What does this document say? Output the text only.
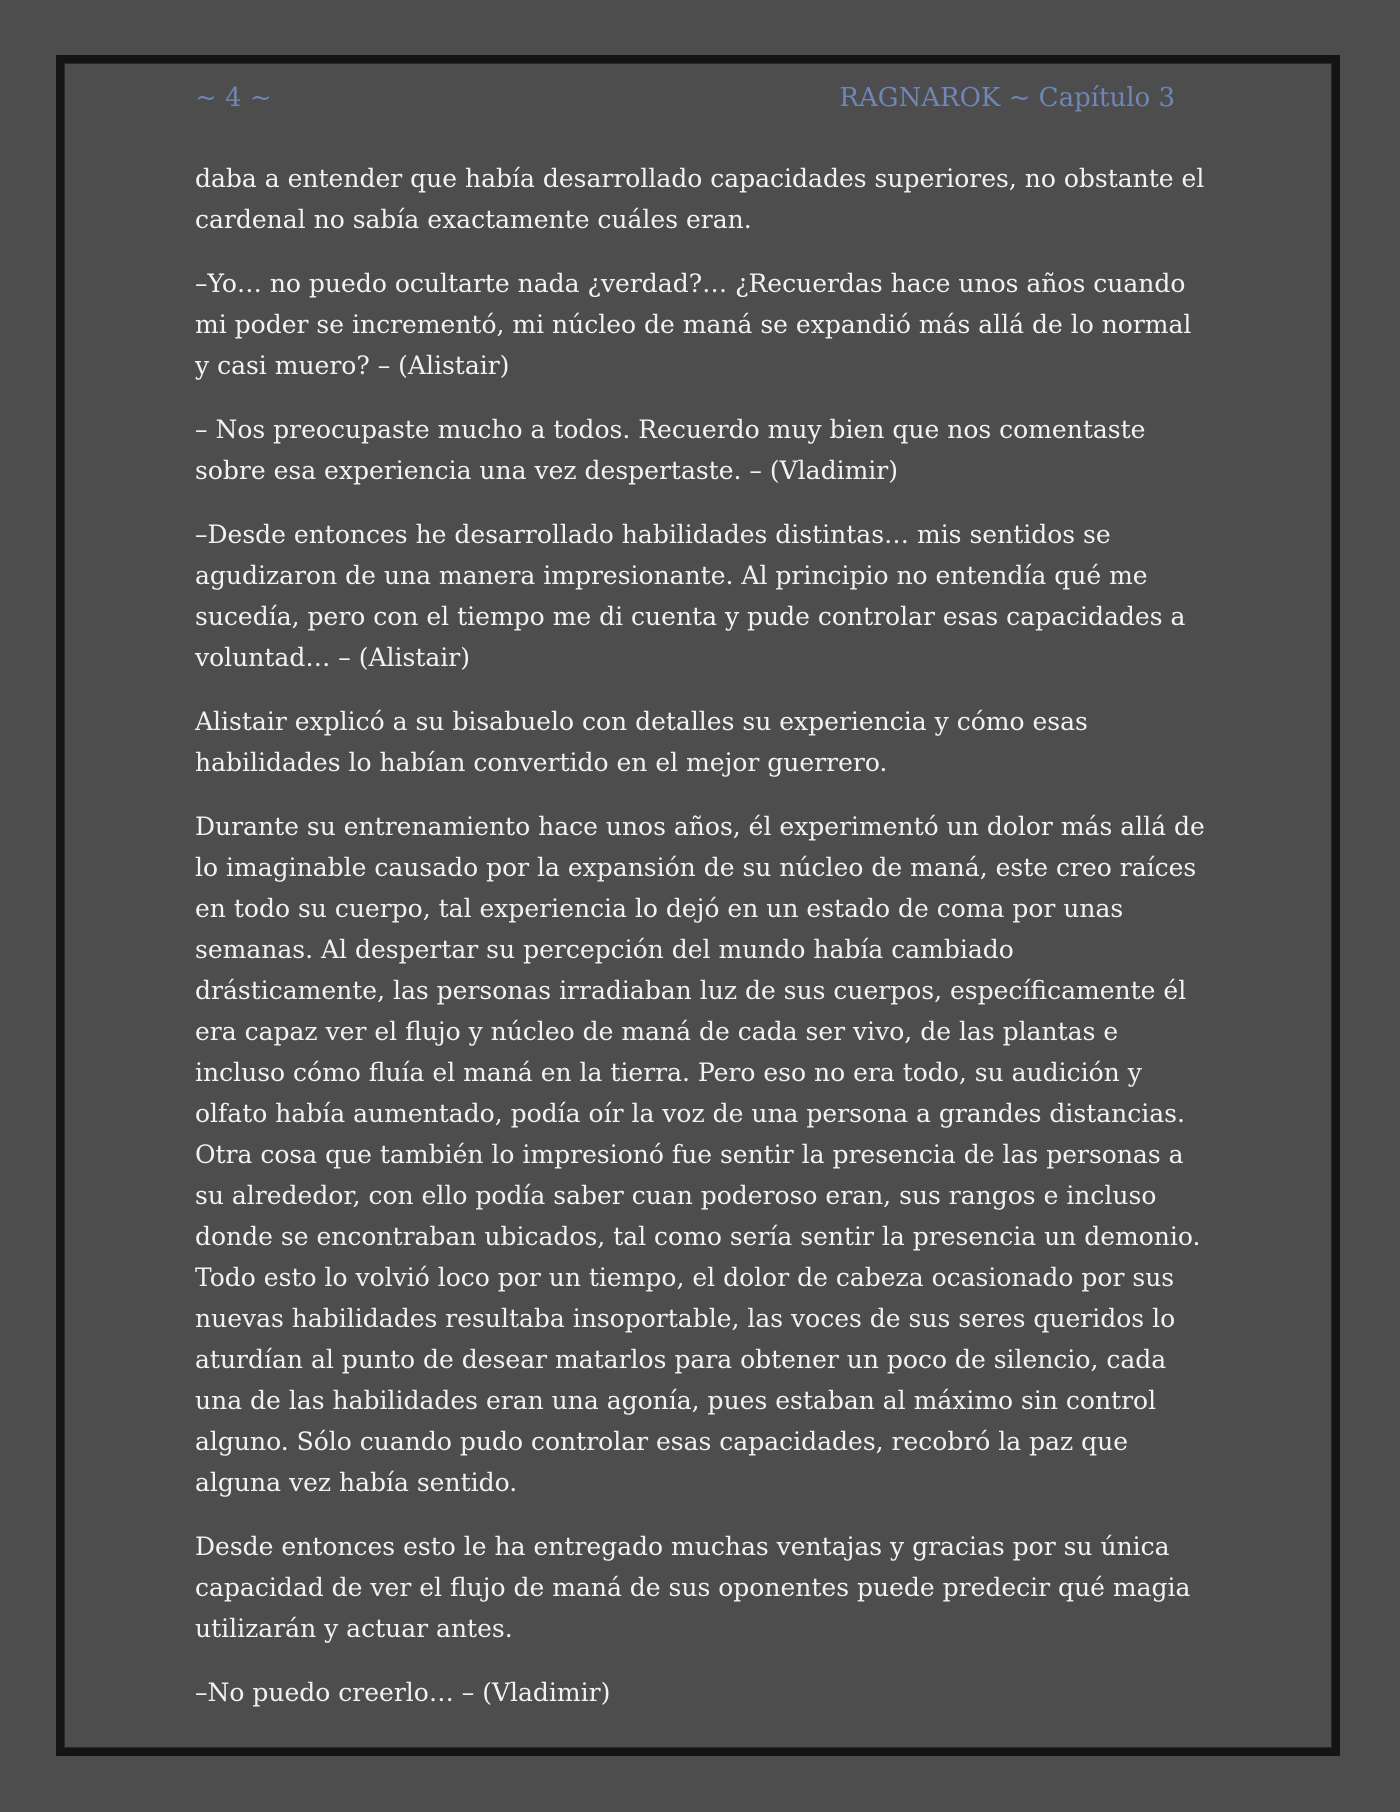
~ 4 ~	RAGNAROK ~ Capítulo 3

daba a entender que había desarrollado capacidades superiores, no obstante el cardenal no sabía exactamente cuáles eran.

–Yo… no puedo ocultarte nada ¿verdad?… ¿Recuerdas hace unos años cuando mi poder se incrementó, mi núcleo de maná se expandió más allá de lo normal y casi muero? – (Alistair)

– Nos preocupaste mucho a todos. Recuerdo muy bien que nos comentaste sobre esa experiencia una vez despertaste. – (Vladimir)

–Desde entonces he desarrollado habilidades distintas… mis sentidos se agudizaron de una manera impresionante. Al principio no entendía qué me sucedía, pero con el tiempo me di cuenta y pude controlar esas capacidades a voluntad… – (Alistair)

Alistair explicó a su bisabuelo con detalles su experiencia y cómo esas habilidades lo habían convertido en el mejor guerrero.

Durante su entrenamiento hace unos años, él experimentó un dolor más allá de lo imaginable causado por la expansión de su núcleo de maná, este creo raíces en todo su cuerpo, tal experiencia lo dejó en un estado de coma por unas semanas. Al despertar su percepción del mundo había cambiado drásticamente, las personas irradiaban luz de sus cuerpos, específicamente él era capaz ver el flujo y núcleo de maná de cada ser vivo, de las plantas e incluso cómo fluía el maná en la tierra. Pero eso no era todo, su audición y olfato había aumentado, podía oír la voz de una persona a grandes distancias. Otra cosa que también lo impresionó fue sentir la presencia de las personas a su alrededor, con ello podía saber cuan poderoso eran, sus rangos e incluso donde se encontraban ubicados, tal como sería sentir la presencia un demonio. Todo esto lo volvió loco por un tiempo, el dolor de cabeza ocasionado por sus nuevas habilidades resultaba insoportable, las voces de sus seres queridos lo aturdían al punto de desear matarlos para obtener un poco de silencio, cada una de las habilidades eran una agonía, pues estaban al máximo sin control alguno. Sólo cuando pudo controlar esas capacidades, recobró la paz que alguna vez había sentido.

Desde entonces esto le ha entregado muchas ventajas y gracias por su única capacidad de ver el flujo de maná de sus oponentes puede predecir qué magia utilizarán y actuar antes.

–No puedo creerlo… – (Vladimir)
